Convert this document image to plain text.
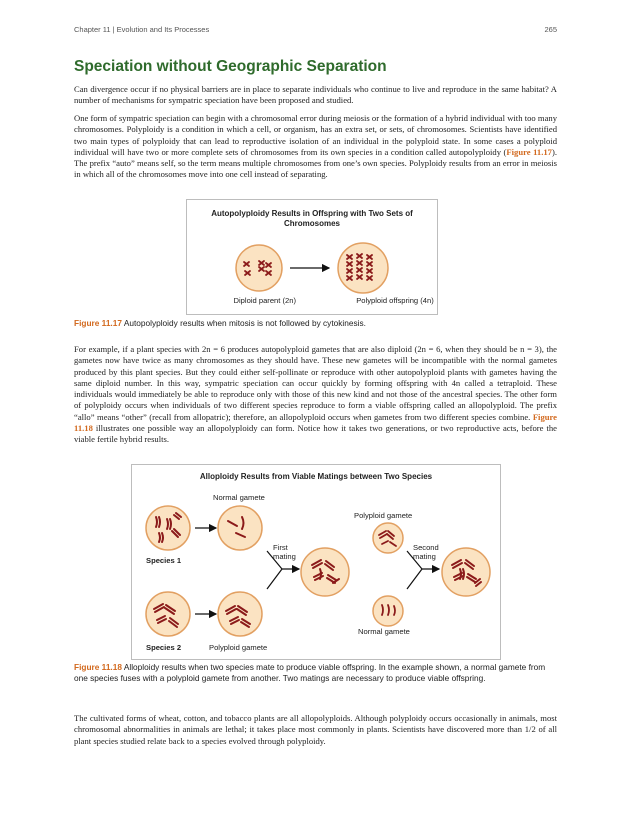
Chapter 11 | Evolution and Its Processes	265
Speciation without Geographic Separation

Can divergence occur if no physical barriers are in place to separate individuals who continue to live and reproduce in the same habitat? A number of mechanisms for sympatric speciation have been proposed and studied.

One form of sympatric speciation can begin with a chromosomal error during meiosis or the formation of a hybrid individual with too many chromosomes. Polyploidy is a condition in which a cell, or organism, has an extra set, or sets, of chromosomes. Scientists have identified two main types of polyploidy that can lead to reproductive isolation of an individual in the polyploid state. In some cases a polyploid individual will have two or more complete sets of chromosomes from its own species in a condition called autopolyploidy (Figure 11.17). The prefix “auto” means self, so the term means multiple chromosomes from one’s own species. Polyploidy results from an error in meiosis in which all of the chromosomes move into one cell instead of separating.

Autopolyploidy Results in Offspring with Two Sets of Chromosomes
Diploid parent (2n)	Polyploid offspring (4n)

Figure 11.17 Autopolyploidy results when mitosis is not followed by cytokinesis.

For example, if a plant species with 2n = 6 produces autopolyploid gametes that are also diploid (2n = 6, when they should be n = 3), the gametes now have twice as many chromosomes as they should have. These new gametes will be incompatible with the normal gametes produced by this plant species. But they could either self-pollinate or reproduce with other autopolyploid plants with gametes having the same diploid number. In this way, sympatric speciation can occur quickly by forming offspring with 4n called a tetraploid. These individuals would immediately be able to reproduce only with those of this new kind and not those of the ancestral species. The other form of polyploidy occurs when individuals of two different species reproduce to form a viable offspring called an allopolyploid. The prefix “allo” means “other” (recall from allopatric); therefore, an allopolyploid occurs when gametes from two different species combine. Figure 11.18 illustrates one possible way an allopolyploidy can form. Notice how it takes two generations, or two reproductive acts, before the viable fertile hybrid results.

Alloploidy Results from Viable Matings between Two Species
Normal gamete
Species 1
Species 2	Polyploid gamete
First
mating
Polyploid gamete
Second
mating
Normal gamete

Figure 11.18 Alloploidy results when two species mate to produce viable offspring. In the example shown, a normal gamete from one species fuses with a polyploid gamete from another. Two matings are necessary to produce viable offspring.

The cultivated forms of wheat, cotton, and tobacco plants are all allopolyploids. Although polyploidy occurs occasionally in animals, most chromosomal abnormalities in animals are lethal; it takes place most commonly in plants. Scientists have discovered more than 1/2 of all plant species studied relate back to a species evolved through polyploidy.
